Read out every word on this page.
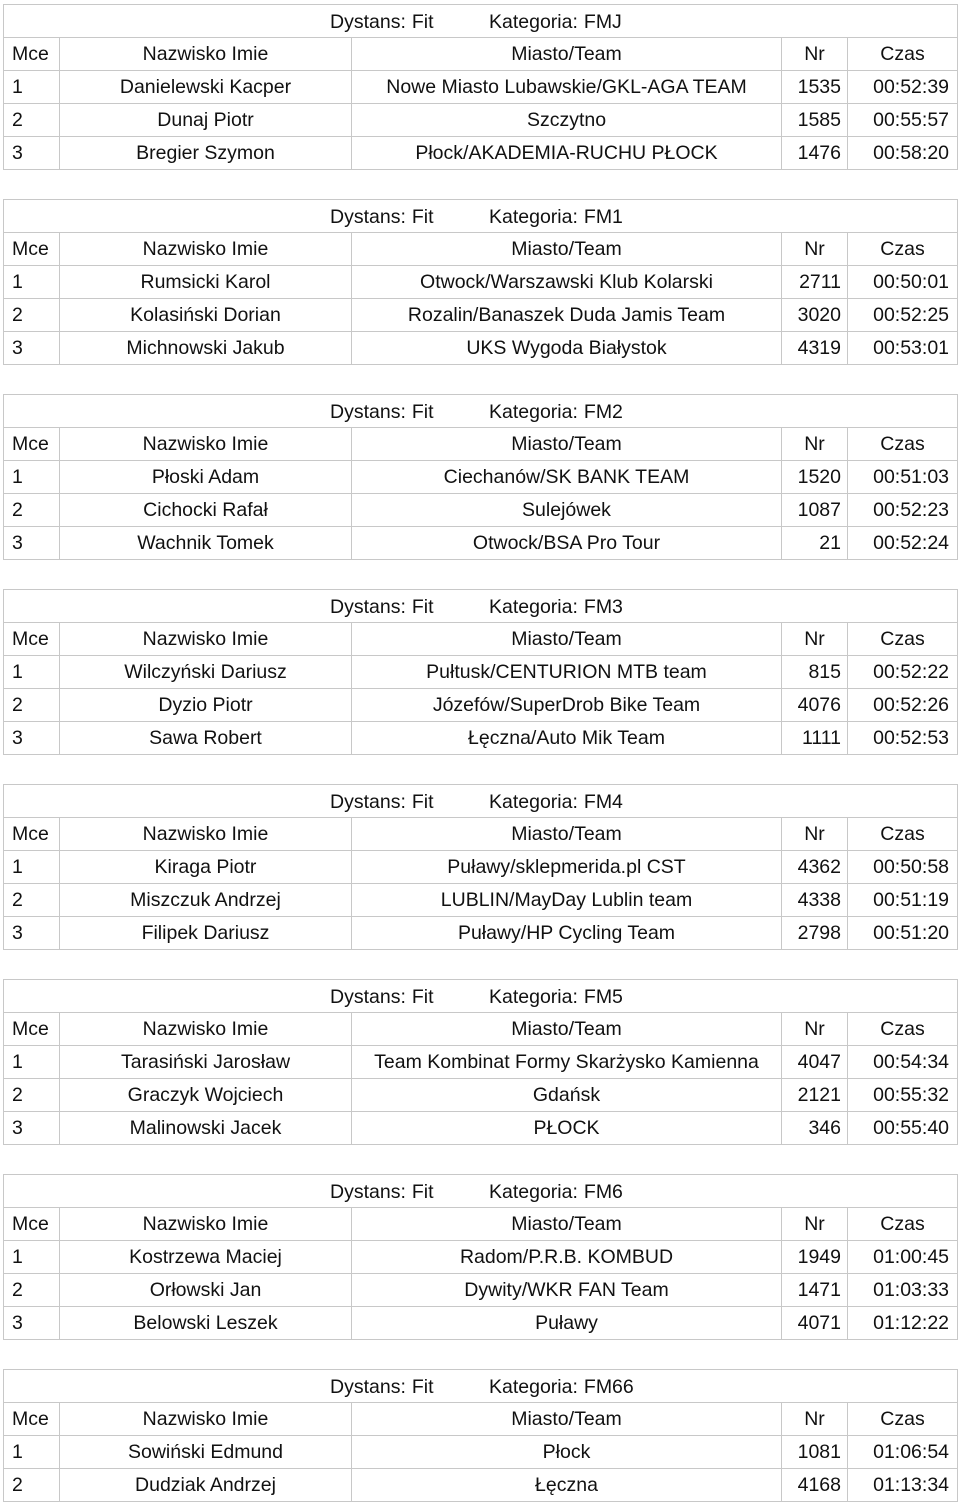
Dystans: Fit Kategoria: FMJ				

Mce	Nazwisko Imie	Miasto/Team	Nr	Czas
1	Danielewski Kacper	Nowe Miasto Lubawskie/GKL-AGA TEAM	1535	00:52:39
2	Dunaj Piotr	Szczytno	1585	00:55:57
3	Bregier Szymon	Płock/AKADEMIA-RUCHU PŁOCK	1476	00:58:20
Dystans: Fit Kategoria: FM1				

Mce	Nazwisko Imie	Miasto/Team	Nr	Czas
1	Rumsicki Karol	Otwock/Warszawski Klub Kolarski	2711	00:50:01
2	Kolasiński Dorian	Rozalin/Banaszek Duda Jamis Team	3020	00:52:25
3	Michnowski Jakub	UKS Wygoda Białystok	4319	00:53:01
Dystans: Fit Kategoria: FM2				

Mce	Nazwisko Imie	Miasto/Team	Nr	Czas
1	Płoski Adam	Ciechanów/SK BANK TEAM	1520	00:51:03
2	Cichocki Rafał	Sulejówek	1087	00:52:23
3	Wachnik Tomek	Otwock/BSA Pro Tour	21	00:52:24
Dystans: Fit Kategoria: FM3				

Mce	Nazwisko Imie	Miasto/Team	Nr	Czas
1	Wilczyński Dariusz	Pułtusk/CENTURION MTB team	815	00:52:22
2	Dyzio Piotr	Józefów/SuperDrob Bike Team	4076	00:52:26
3	Sawa Robert	Łęczna/Auto Mik Team	1111	00:52:53
Dystans: Fit Kategoria: FM4				

Mce	Nazwisko Imie	Miasto/Team	Nr	Czas
1	Kiraga Piotr	Puławy/sklepmerida.pl CST	4362	00:50:58
2	Miszczuk Andrzej	LUBLIN/MayDay Lublin team	4338	00:51:19
3	Filipek Dariusz	Puławy/HP Cycling Team	2798	00:51:20
Dystans: Fit Kategoria: FM5				

Mce	Nazwisko Imie	Miasto/Team	Nr	Czas
1	Tarasiński Jarosław	Team Kombinat Formy Skarżysko Kamienna	4047	00:54:34
2	Graczyk Wojciech	Gdańsk	2121	00:55:32
3	Malinowski Jacek	PŁOCK	346	00:55:40
Dystans: Fit Kategoria: FM6				

Mce	Nazwisko Imie	Miasto/Team	Nr	Czas
1	Kostrzewa Maciej	Radom/P.R.B. KOMBUD	1949	01:00:45
2	Orłowski Jan	Dywity/WKR FAN Team	1471	01:03:33
3	Belowski Leszek	Puławy	4071	01:12:22
Dystans: Fit Kategoria: FM66				

Mce	Nazwisko Imie	Miasto/Team	Nr	Czas
1	Sowiński Edmund	Płock	1081	01:06:54
2	Dudziak Andrzej	Łęczna	4168	01:13:34
